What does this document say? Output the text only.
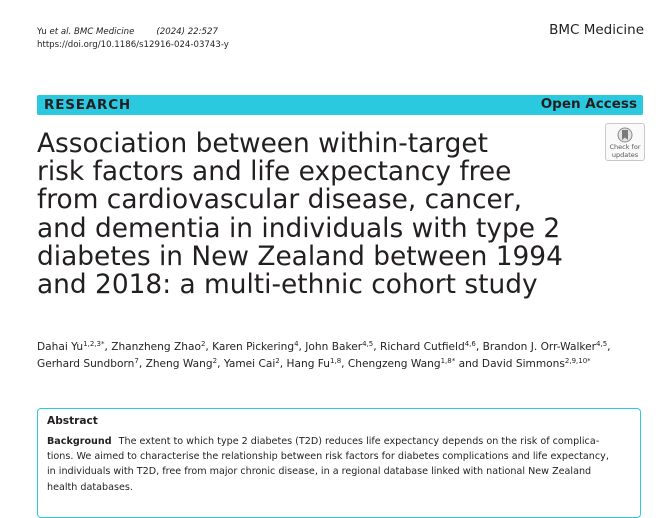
Yu et al. BMC Medicine	(2024) 22:527
https://doi.org/10.1186/s12916-024-03743-y
BMC Medicine
RESEARCH	Open Access
Check for
updates
Association between within-target
risk factors and life expectancy free
from cardiovascular disease, cancer,
and dementia in individuals with type 2
diabetes in New Zealand between 1994
and 2018: a multi-ethnic cohort study
Dahai $Yu^{1,2,3*}$, Zhanzheng Zhao$^2$, Karen Pickering$^4$, John Baker$^{4,5}$, Richard Cutfield$^{4,6}$, Brandon J. Orr-Walker$^{4,5}$,
Gerhard Sundborn$^7$, Zheng Wang$^2$, Yamei Cai$^2$, Hang Fu$^{1,8}$, Chengzeng Wang$^{1,8*}$ and David Simmons$^{2,9,10*}$
Abstract
Background The extent to which type 2 diabetes (T2D) reduces life expectancy depends on the risk of complica-
tions. We aimed to characterise the relationship between risk factors for diabetes complications and life expectancy,
in individuals with T2D, free from major chronic disease, in a regional database linked with national New Zealand
health databases.
